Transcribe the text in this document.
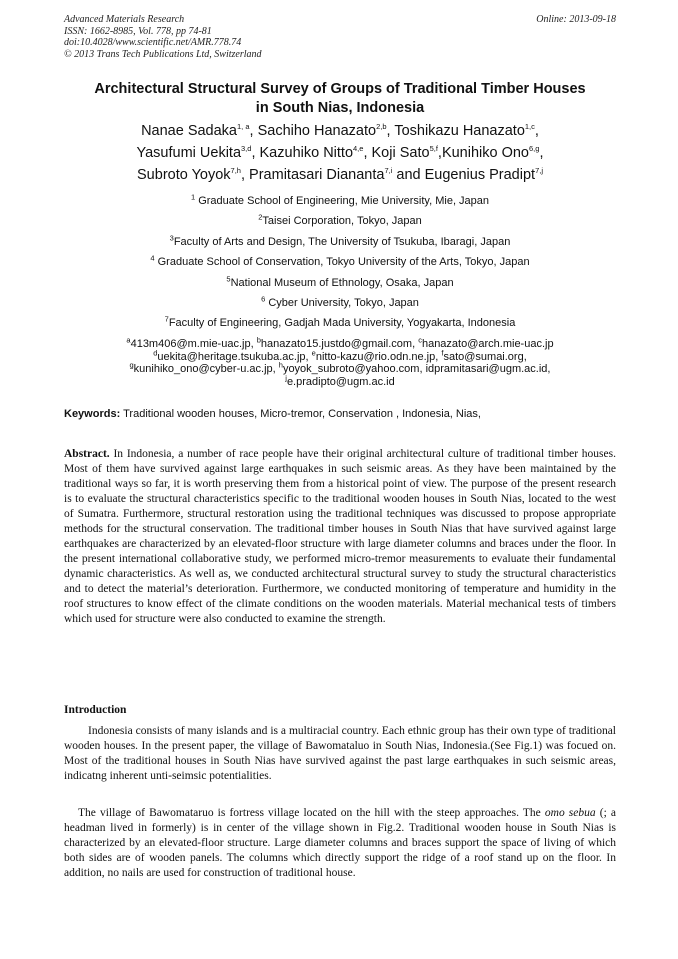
Advanced Materials Research
ISSN: 1662-8985, Vol. 778, pp 74-81
doi:10.4028/www.scientific.net/AMR.778.74
© 2013 Trans Tech Publications Ltd, Switzerland
Online: 2013-09-18
Architectural Structural Survey of Groups of Traditional Timber Houses
in South Nias, Indonesia
Nanae Sadaka$^{1, a}$, Sachiho Hanazato$^{2,b}$, Toshikazu Hanazato$^{1,c}$,
Yasufumi Uekita$^{3,d}$, Kazuhiko Nitto$^{4,e}$, Koji Sato$^{5,f}$,Kunihiko Ono$^{6,g}$,
Subroto Yoyok$^{7,h}$, Pramitasari Diananta$^{7,i}$ and Eugenius Pradipt$^{7,j}$
$^1$ Graduate School of Engineering, Mie University, Mie, Japan
$^2$Taisei Corporation, Tokyo, Japan
$^3$Faculty of Arts and Design, The University of Tsukuba, Ibaragi, Japan
$^4$ Graduate School of Conservation, Tokyo University of the Arts, Tokyo, Japan
$^5$National Museum of Ethnology, Osaka, Japan
$^6$ Cyber University, Tokyo, Japan
$^7$Faculty of Engineering, Gadjah Mada University, Yogyakarta, Indonesia
$^a$413m406@m.mie-uac.jp, $^b$hanazato15.justdo@gmail.com, $^c$hanazato@arch.mie-uac.jp
$^d$uekita@heritage.tsukuba.ac.jp, $^e$nitto-kazu@rio.odn.ne.jp, $^f$sato@sumai.org,
$^g$kunihiko_ono@cyber-u.ac.jp, $^h$yoyok_subroto@yahoo.com, idpramitasari@ugm.ac.id,
$^j$e.pradipto@ugm.ac.id
Keywords: Traditional wooden houses, Micro-tremor, Conservation , Indonesia, Nias,

Abstract. In Indonesia, a number of race people have their original architectural culture of traditional timber houses. Most of them have survived against large earthquakes in such seismic areas. As they have been maintained by the traditional ways so far, it is worth preserving them from a historical point of view. The purpose of the present research is to evaluate the structural characteristics specific to the traditional wooden houses in South Nias, located to the west of Sumatra. Furthermore, structural restoration using the traditional techniques was discussed to propose appropriate methods for the structural conservation. The traditional timber houses in South Nias that have survived against large earthquakes are characterized by an elevated-floor structure with large diameter columns and braces under the floor. In the present international collaborative study, we performed micro-tremor measurements to evaluate their fundamental dynamic characteristics. As well as, we conducted architectural structural survey to study the structural characteristics and to detect the material’s deterioration. Furthermore, we conducted monitoring of temperature and humidity in the roof structures to know effect of the climate conditions on the wooden materials. Material mechanical tests of timbers which used for structure were also conducted to examine the strength.

Introduction

Indonesia consists of many islands and is a multiracial country. Each ethnic group has their own type of traditional wooden houses. In the present paper, the village of Bawomataluo in South Nias, Indonesia.(See Fig.1) was focued on. Most of the traditional houses in South Nias have survived against the past large earthquakes in such seismic areas, indicatng inherent unti-seimsic potentialities.

The village of Bawomataruo is fortress village located on the hill with the steep approaches. The omo sebua (; a headman lived in formerly) is in center of the village shown in Fig.2. Traditional wooden house in South Nias is characterized by an elevated-floor structure. Large diameter columns and braces support the space of living of which both sides are of wooden panels. The columns which directly support the ridge of a roof stand up on the floor. In addition, no nails are used for construction of traditional house.
